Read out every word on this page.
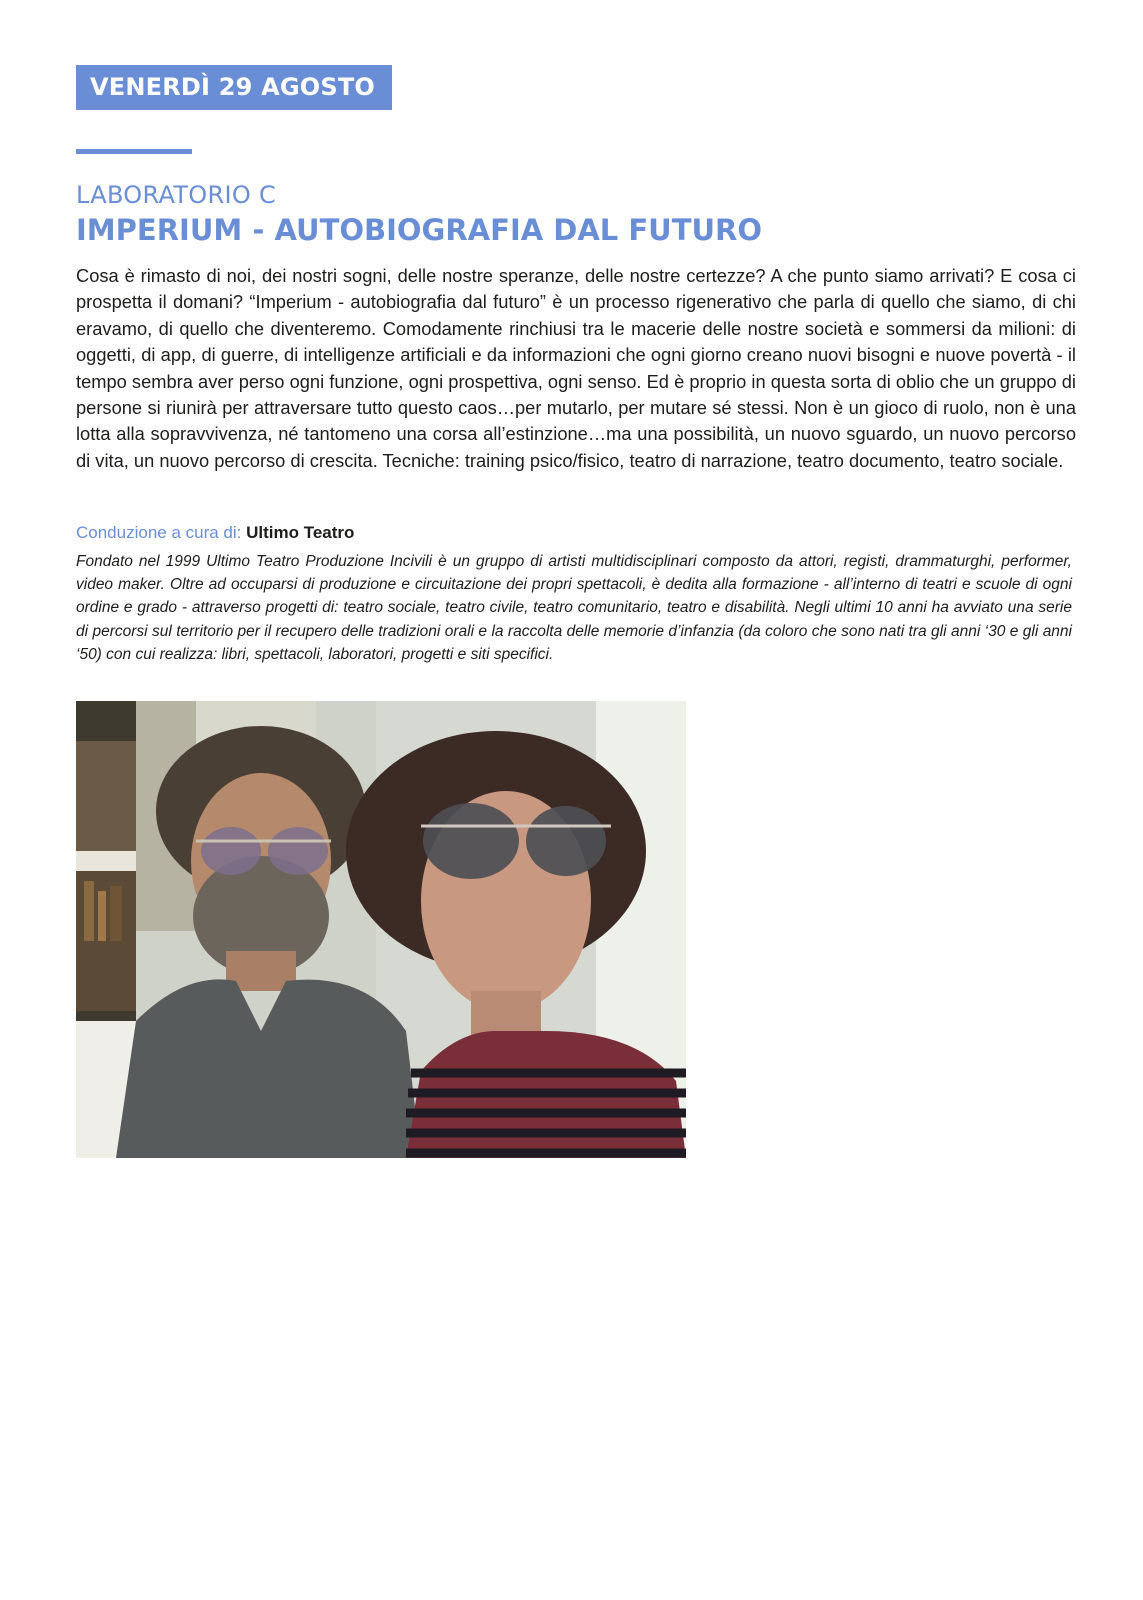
VENERDÌ 29 AGOSTO
LABORATORIO C
IMPERIUM - AUTOBIOGRAFIA DAL FUTURO

Cosa è rimasto di noi, dei nostri sogni, delle nostre speranze, delle nostre certezze? A che punto siamo arrivati? E cosa ci prospetta il domani? “Imperium - autobiografia dal futuro” è un processo rigenerativo che parla di quello che siamo, di chi eravamo, di quello che diventeremo. Comodamente rinchiusi tra le macerie delle nostre società e sommersi da milioni: di oggetti, di app, di guerre, di intelligenze artificiali e da informazioni che ogni giorno creano nuovi bisogni e nuove povertà - il tempo sembra aver perso ogni funzione, ogni prospettiva, ogni senso. Ed è proprio in questa sorta di oblio che un gruppo di persone si riunirà per attraversare tutto questo caos…per mutarlo, per mutare sé stessi. Non è un gioco di ruolo, non è una lotta alla sopravvivenza, né tantomeno una corsa all’estinzione…ma una possibilità, un nuovo sguardo, un nuovo percorso di vita, un nuovo percorso di crescita. Tecniche: training psico/fisico, teatro di narrazione, teatro documento, teatro sociale.

Conduzione a cura di: Ultimo Teatro

Fondato nel 1999 Ultimo Teatro Produzione Incivili è un gruppo di artisti multidisciplinari composto da attori, registi, drammaturghi, performer, video maker. Oltre ad occuparsi di produzione e circuitazione dei propri spettacoli, è dedita alla formazione - all’interno di teatri e scuole di ogni ordine e grado - attraverso progetti di: teatro sociale, teatro civile, teatro comunitario, teatro e disabilità. Negli ultimi 10 anni ha avviato una serie di percorsi sul territorio per il recupero delle tradizioni orali e la raccolta delle memorie d’infanzia (da coloro che sono nati tra gli anni ‘30 e gli anni ‘50) con cui realizza: libri, spettacoli, laboratori, progetti e siti specifici.
